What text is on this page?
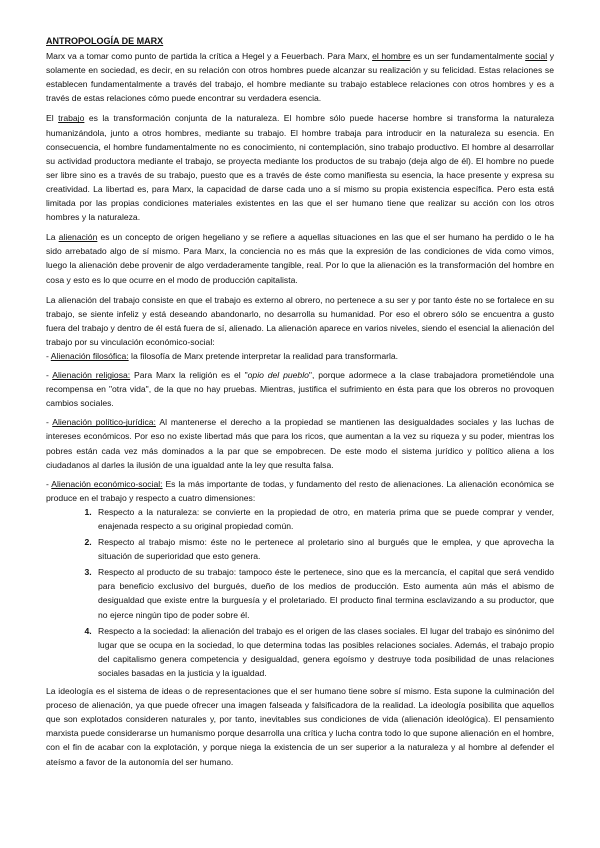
ANTROPOLOGÍA DE MARX

Marx va a tomar como punto de partida la crítica a Hegel y a Feuerbach. Para Marx, el hombre es un ser fundamentalmente social y solamente en sociedad, es decir, en su relación con otros hombres puede alcanzar su realización y su felicidad. Estas relaciones se establecen fundamentalmente a través del trabajo, el hombre mediante su trabajo establece relaciones con otros hombres y es a través de estas relaciones cómo puede encontrar su verdadera esencia.

El trabajo es la transformación conjunta de la naturaleza. El hombre sólo puede hacerse hombre si transforma la naturaleza humanizándola, junto a otros hombres, mediante su trabajo. El hombre trabaja para introducir en la naturaleza su esencia. En consecuencia, el hombre fundamentalmente no es conocimiento, ni contemplación, sino trabajo productivo. El hombre al desarrollar su actividad productora mediante el trabajo, se proyecta mediante los productos de su trabajo (deja algo de él). El hombre no puede ser libre sino es a través de su trabajo, puesto que es a través de éste como manifiesta su esencia, la hace presente y expresa su creatividad. La libertad es, para Marx, la capacidad de darse cada uno a sí mismo su propia existencia específica. Pero esta está limitada por las propias condiciones materiales existentes en las que el ser humano tiene que realizar su acción con los otros hombres y la naturaleza.

La alienación es un concepto de origen hegeliano y se refiere a aquellas situaciones en las que el ser humano ha perdido o le ha sido arrebatado algo de sí mismo. Para Marx, la conciencia no es más que la expresión de las condiciones de vida como vimos, luego la alienación debe provenir de algo verdaderamente tangible, real. Por lo que la alienación es la transformación del hombre en cosa y esto es lo que ocurre en el modo de producción capitalista.

La alienación del trabajo consiste en que el trabajo es externo al obrero, no pertenece a su ser y por tanto éste no se fortalece en su trabajo, se siente infeliz y está deseando abandonarlo, no desarrolla su humanidad. Por eso el obrero sólo se encuentra a gusto fuera del trabajo y dentro de él está fuera de sí, alienado. La alienación aparece en varios niveles, siendo el esencial la alienación del trabajo por su vinculación económico-social:

- Alienación filosófica: la filosofía de Marx pretende interpretar la realidad para transformarla.
- Alienación religiosa: Para Marx la religión es el "opio del pueblo", porque adormece a la clase trabajadora prometiéndole una recompensa en "otra vida", de la que no hay pruebas. Mientras, justifica el sufrimiento en ésta para que los obreros no provoquen cambios sociales.
- Alienación político-jurídica: Al mantenerse el derecho a la propiedad se mantienen las desigualdades sociales y las luchas de intereses económicos. Por eso no existe libertad más que para los ricos, que aumentan a la vez su riqueza y su poder, mientras los pobres están cada vez más dominados a la par que se empobrecen. De este modo el sistema jurídico y político aliena a los ciudadanos al darles la ilusión de una igualdad ante la ley que resulta falsa.
- Alienación económico-social: Es la más importante de todas, y fundamento del resto de alienaciones. La alienación económica se produce en el trabajo y respecto a cuatro dimensiones:
1. Respecto a la naturaleza: se convierte en la propiedad de otro, en materia prima que se puede comprar y vender, enajenada respecto a su original propiedad común.
2. Respecto al trabajo mismo: éste no le pertenece al proletario sino al burgués que le emplea, y que aprovecha la situación de superioridad que esto genera.
3. Respecto al producto de su trabajo: tampoco éste le pertenece, sino que es la mercancía, el capital que será vendido para beneficio exclusivo del burgués, dueño de los medios de producción. Esto aumenta aún más el abismo de desigualdad que existe entre la burguesía y el proletariado. El producto final termina esclavizando a su productor, que no ejerce ningún tipo de poder sobre él.
4. Respecto a la sociedad: la alienación del trabajo es el origen de las clases sociales. El lugar del trabajo es sinónimo del lugar que se ocupa en la sociedad, lo que determina todas las posibles relaciones sociales. Además, el trabajo propio del capitalismo genera competencia y desigualdad, genera egoísmo y destruye toda posibilidad de unas relaciones sociales basadas en la justicia y la igualdad.

La ideología es el sistema de ideas o de representaciones que el ser humano tiene sobre sí mismo. Esta supone la culminación del proceso de alienación, ya que puede ofrecer una imagen falseada y falsificadora de la realidad. La ideología posibilita que aquellos que son explotados consideren naturales y, por tanto, inevitables sus condiciones de vida (alienación ideológica). El pensamiento marxista puede considerarse un humanismo porque desarrolla una crítica y lucha contra todo lo que supone alienación en el hombre, con el fin de acabar con la explotación, y porque niega la existencia de un ser superior a la naturaleza y al hombre al defender el ateísmo a favor de la autonomía del ser humano.
